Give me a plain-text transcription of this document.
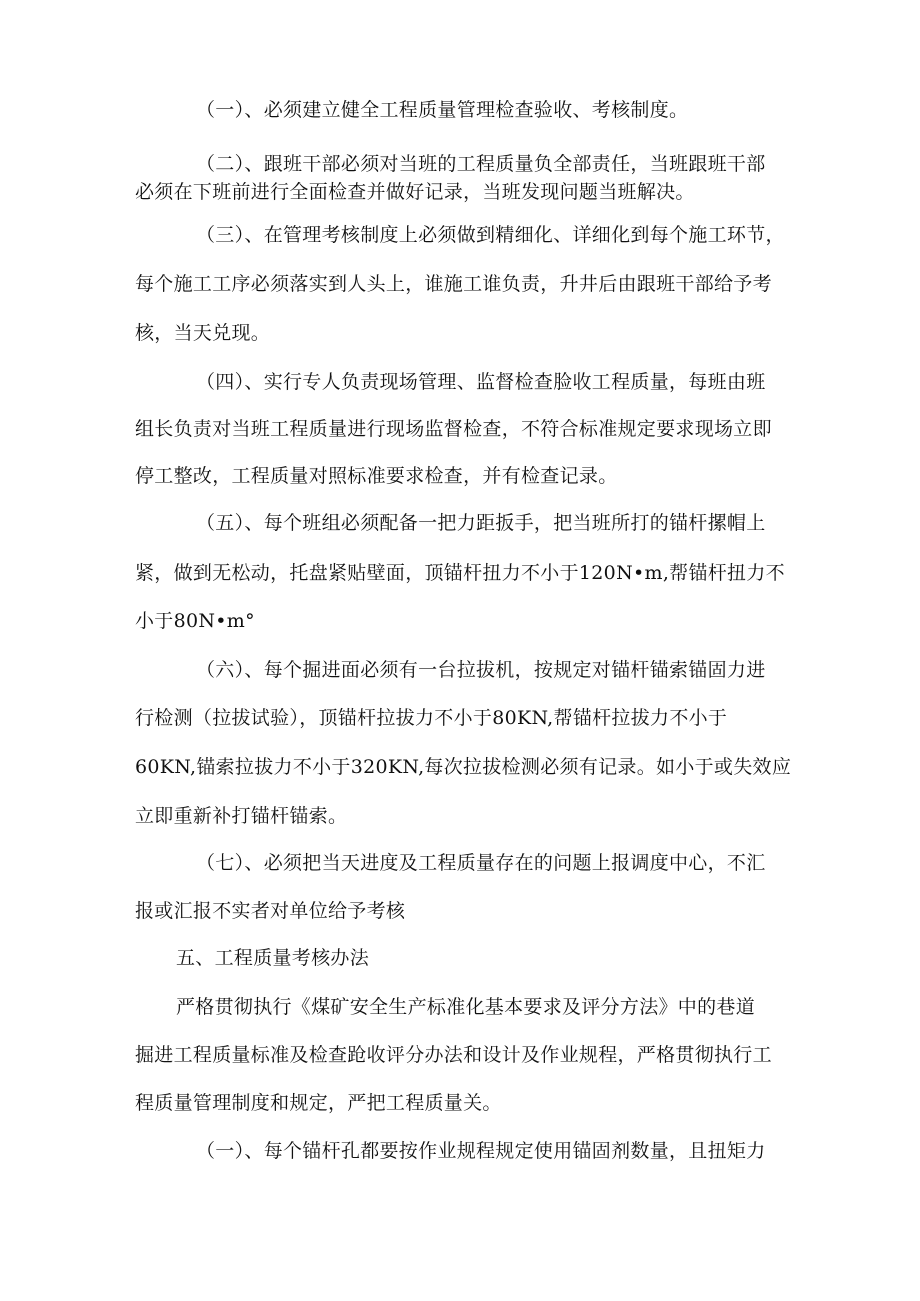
（一）、必须建立健全工程质量管理检查验收、考核制度。
（二）、跟班干部必须对当班的工程质量负全部责任，当班跟班干部
必须在下班前进行全面检查并做好记录，当班发现问题当班解决。
（三）、在管理考核制度上必须做到精细化、详细化到每个施工环节，
每个施工工序必须落实到人头上，谁施工谁负责，升井后由跟班干部给予考
核，当天兑现。
（四）、实行专人负责现场管理、监督检查脸收工程质量，每班由班
组长负责对当班工程质量进行现场监督检查，不符合标准规定要求现场立即
停工整改，工程质量对照标准要求检查，并有检查记录。
（五）、每个班组必须配备一把力距扳手，把当班所打的锚杆摞帽上
紧，做到无松动，托盘紧贴壁面，顶锚杆扭力不小于120N•m,帮锚杆扭力不
小于80N•m°
（六）、每个掘进面必须有一台拉拔机，按规定对锚杆锚索锚固力进
行检测（拉拔试验），顶锚杆拉拔力不小于80KN,帮锚杆拉拔力不小于
60KN,锚索拉拔力不小于320KN,每次拉拔检测必须有记录。如小于或失效应
立即重新补打锚杆锚索。
（七）、必须把当天进度及工程质量存在的问题上报调度中心，不汇
报或汇报不实者对单位给予考核
五、工程质量考核办法
严格贯彻执行《煤矿安全生产标准化基本要求及评分方法》中的巷道
掘进工程质量标准及检查跄收评分办法和设计及作业规程，严格贯彻执行工
程质量管理制度和规定，严把工程质量关。
（一）、每个锚杆孔都要按作业规程规定使用锚固剂数量，且扭矩力
